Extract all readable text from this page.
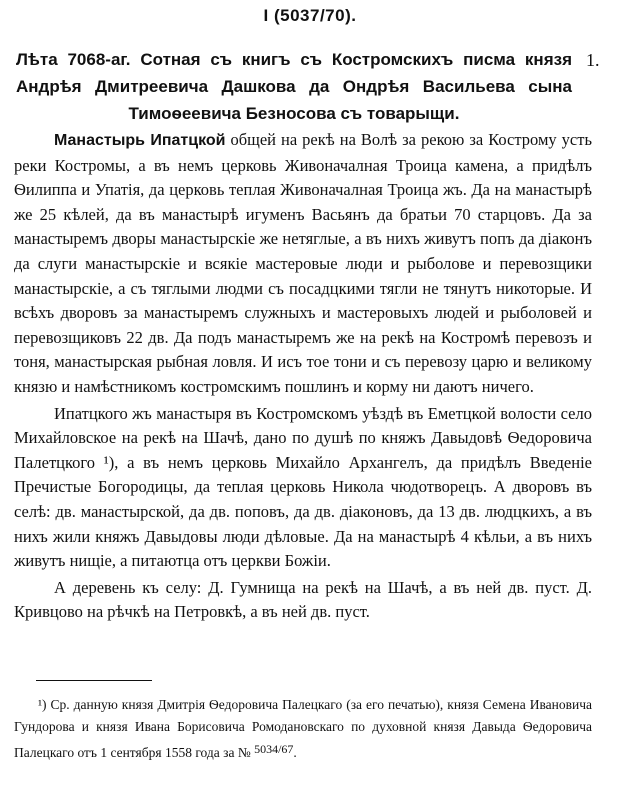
I (5037/70).
Лѣта 7068-аг. Сотная съ книгъ съ Костромскихъ писма князя Андрѣя Дмитреевича Дашкова да Ондрѣя Васильева сына Тимоѳеевича Безносова съ товарыщи.
1.

Манастырь Ипатцкой общей на рекѣ на Волѣ за рекою за Кострому усть реки Костромы, а въ немъ церковь Живоначалная Троица камена, а придѣлъ Ѳилиппа и Упатія, да церковь теплая Живоначалная Троица жъ. Да на манастырѣ же 25 кѣлей, да въ манастырѣ игуменъ Васьянъ да братьи 70 старцовъ. Да за манастыремъ дворы манастырскіе же нетяглые, а въ нихъ живутъ попъ да діаконъ да слуги манастырскіе и всякіе мастеровые люди и рыболове и перевозщики манастырскіе, а съ тяглыми людми съ посадцкими тягли не тянутъ никоторые. И всѣхъ дворовъ за манастыремъ служныхъ и мастеровыхъ людей и рыболовей и перевозщиковъ 22 дв. Да подъ манастыремъ же на рекѣ на Костромѣ перевозъ и тоня, манастырская рыбная ловля. И исъ тое тони и съ перевозу царю и великому князю и намѣстникомъ костромскимъ пошлинъ и корму ни даютъ ничего.

Ипатцкого жъ манастыря въ Костромскомъ уѣздѣ въ Еметцкой волости село Михайловское на рекѣ на Шачѣ, дано по душѣ по княжъ Давыдовѣ Ѳедоровича Палетцкого ¹), а въ немъ церковь Михайло Архангелъ, да придѣлъ Введеніе Пречистые Богородицы, да теплая церковь Никола чюдотворецъ. А дворовъ въ селѣ: дв. манастырской, да дв. поповъ, да дв. діаконовъ, да 13 дв. людцкихъ, а въ нихъ жили княжъ Давыдовы люди дѣловые. Да на манастырѣ 4 кѣльи, а въ нихъ живутъ нищіе, а питаютца отъ церкви Божіи.

А деревень къ селу: Д. Гумнища на рекѣ на Шачѣ, а въ ней дв. пуст. Д. Кривцово на рѣчкѣ на Петровкѣ, а въ ней дв. пуст.

¹) Ср. данную князя Дмитрія Ѳедоровича Палецкаго (за его печатью), князя Семена Ивановича Гундорова и князя Ивана Борисовича Ромодановскаго по духовной князя Давыда Ѳедоровича Палецкаго отъ 1 сентября 1558 года за № 5034/67.
